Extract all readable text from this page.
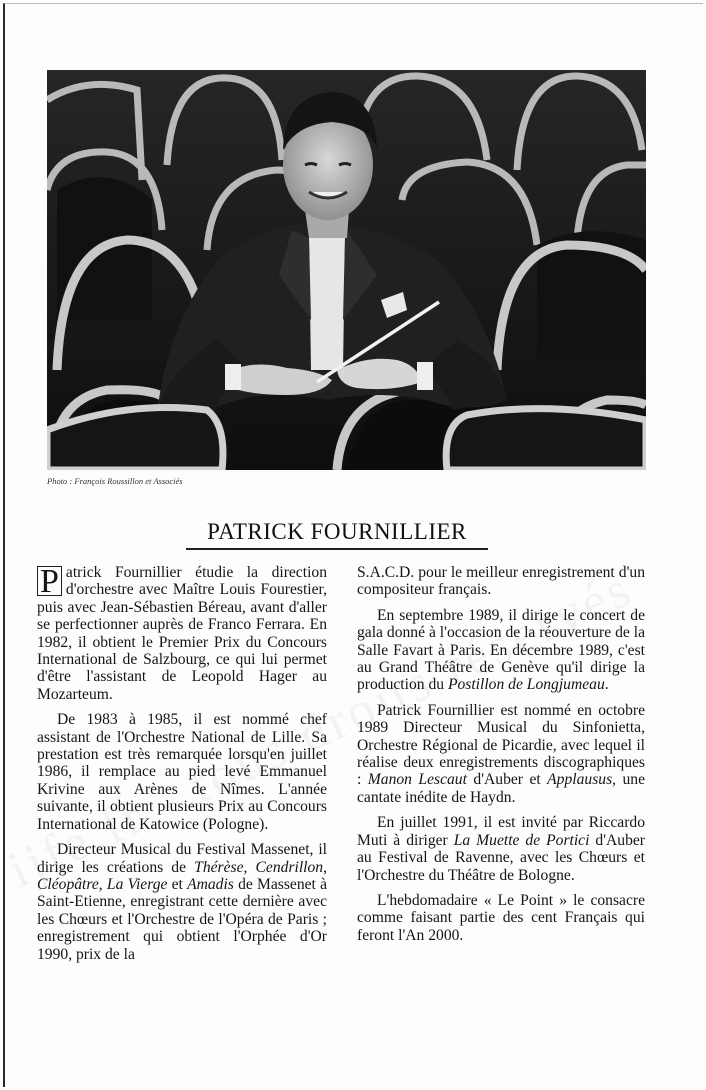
Photo : François Roussillon et Associés
PATRICK FOURNILLIER

P atrick Fournillier étudie la direction d'orchestre avec Maître Louis Fourestier, puis avec Jean-Sébastien Béreau, avant d'aller se perfectionner auprès de Franco Ferrara. En 1982, il obtient le Premier Prix du Concours International de Salzbourg, ce qui lui permet d'être l'assistant de Leopold Hager au Mozarteum.

De 1983 à 1985, il est nommé chef assistant de l'Orchestre National de Lille. Sa prestation est très remarquée lorsqu'en juillet 1986, il remplace au pied levé Emmanuel Krivine aux Arènes de Nîmes. L'année suivante, il obtient plusieurs Prix au Concours International de Katowice (Pologne).

Directeur Musical du Festival Massenet, il dirige les créations de Thérèse, Cendrillon, Cléopâtre, La Vierge et Amadis de Massenet à Saint-Etienne, enregistrant cette dernière avec les Chœurs et l'Orchestre de l'Opéra de Paris ; enregistrement qui obtient l'Orphée d'Or 1990, prix de la

S.A.C.D. pour le meilleur enregistrement d'un compositeur français.

En septembre 1989, il dirige le concert de gala donné à l'occasion de la réouverture de la Salle Favart à Paris. En décembre 1989, c'est au Grand Théâtre de Genève qu'il dirige la production du Postillon de Longjumeau.

Patrick Fournillier est nommé en octobre 1989 Directeur Musical du Sinfonietta, Orchestre Régional de Picardie, avec lequel il réalise deux enregistrements discographiques : Manon Lescaut d'Auber et Applausus, une cantate inédite de Haydn.

En juillet 1991, il est invité par Riccardo Muti à diriger La Muette de Portici d'Auber au Festival de Ravenne, avec les Chœurs et l'Orchestre du Théâtre de Bologne.

L'hebdomadaire « Le Point » le consacre comme faisant partie des cent Français qui feront l'An 2000.
